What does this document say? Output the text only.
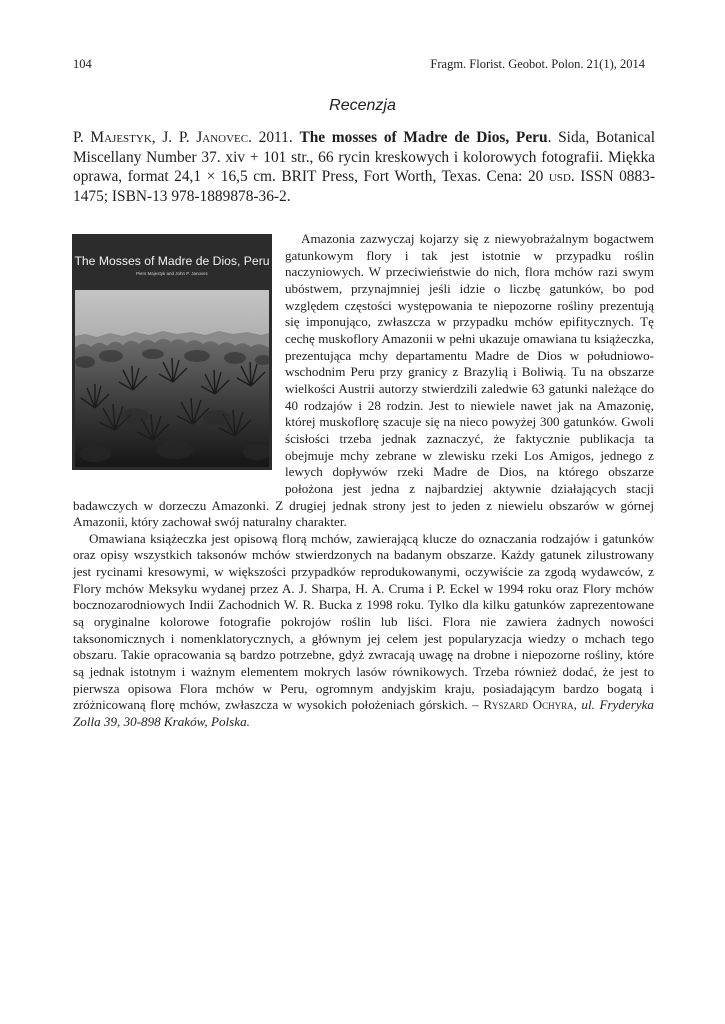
104	Fragm. Florist. Geobot. Polon. 21(1), 2014
Recenzja
P. Majestyk, J. P. Janovec. 2011. The mosses of Madre de Dios, Peru. Sida, Botanical Miscellany Number 37. xiv + 101 str., 66 rycin kreskowych i kolorowych fotografii. Miękka oprawa, format 24,1 × 16,5 cm. BRIT Press, Fort Worth, Texas. Cena: 20 usd. ISSN 0883-1475; ISBN-13 978-1889878-36-2.
The Mosses of Madre de Dios, Peru
Piers Majestyk and John P. Janovec

Amazonia zazwyczaj kojarzy się z niewyobrażalnym bogactwem gatunkowym flory i tak jest istotnie w przypadku roślin naczyniowych. W przeciwieństwie do nich, flora mchów razi swym ubóstwem, przynajmniej jeśli idzie o liczbę gatunków, bo pod względem częstości występowania te niepozorne rośliny prezentują się imponująco, zwłaszcza w przypadku mchów epifitycznych. Tę cechę muskoflory Amazonii w pełni ukazuje omawiana tu książeczka, prezentująca mchy departamentu Madre de Dios w południowo-wschodnim Peru przy granicy z Brazylią i Boliwią. Tu na obszarze wielkości Austrii autorzy stwierdzili zaledwie 63 gatunki należące do 40 rodzajów i 28 rodzin. Jest to niewiele nawet jak na Amazonię, której muskoflorę szacuje się na nieco powyżej 300 gatunków. Gwoli ścisłości trzeba jednak zaznaczyć, że faktycznie publikacja ta obejmuje mchy zebrane w zlewisku rzeki Los Amigos, jednego z lewych dopływów rzeki Madre de Dios, na którego obszarze położona jest jedna z najbardziej aktywnie działających stacji badawczych w dorzeczu Amazonki. Z drugiej jednak strony jest to jeden z niewielu obszarów w górnej Amazonii, który zachował swój naturalny charakter.

Omawiana książeczka jest opisową florą mchów, zawierającą klucze do oznaczania rodzajów i gatunków oraz opisy wszystkich taksonów mchów stwierdzonych na badanym obszarze. Każdy gatunek zilustrowany jest rycinami kresowymi, w większości przypadków reprodukowanymi, oczywiście za zgodą wydawców, z Flory mchów Meksyku wydanej przez A. J. Sharpa, H. A. Cruma i P. Eckel w 1994 roku oraz Flory mchów bocznozarodniowych Indii Zachodnich W. R. Bucka z 1998 roku. Tylko dla kilku gatunków zaprezentowane są oryginalne kolorowe fotografie pokrojów roślin lub liści. Flora nie zawiera żadnych nowości taksonomicznych i nomenklatorycznych, a głównym jej celem jest popularyzacja wiedzy o mchach tego obszaru. Takie opracowania są bardzo potrzebne, gdyż zwracają uwagę na drobne i niepozorne rośliny, które są jednak istotnym i ważnym elementem mokrych lasów równikowych. Trzeba również dodać, że jest to pierwsza opisowa Flora mchów w Peru, ogromnym andyjskim kraju, posiadającym bardzo bogatą i zróżnicowaną florę mchów, zwłaszcza w wysokich położeniach górskich. – Ryszard Ochyra, ul. Fryderyka Zolla 39, 30-898 Kraków, Polska.
